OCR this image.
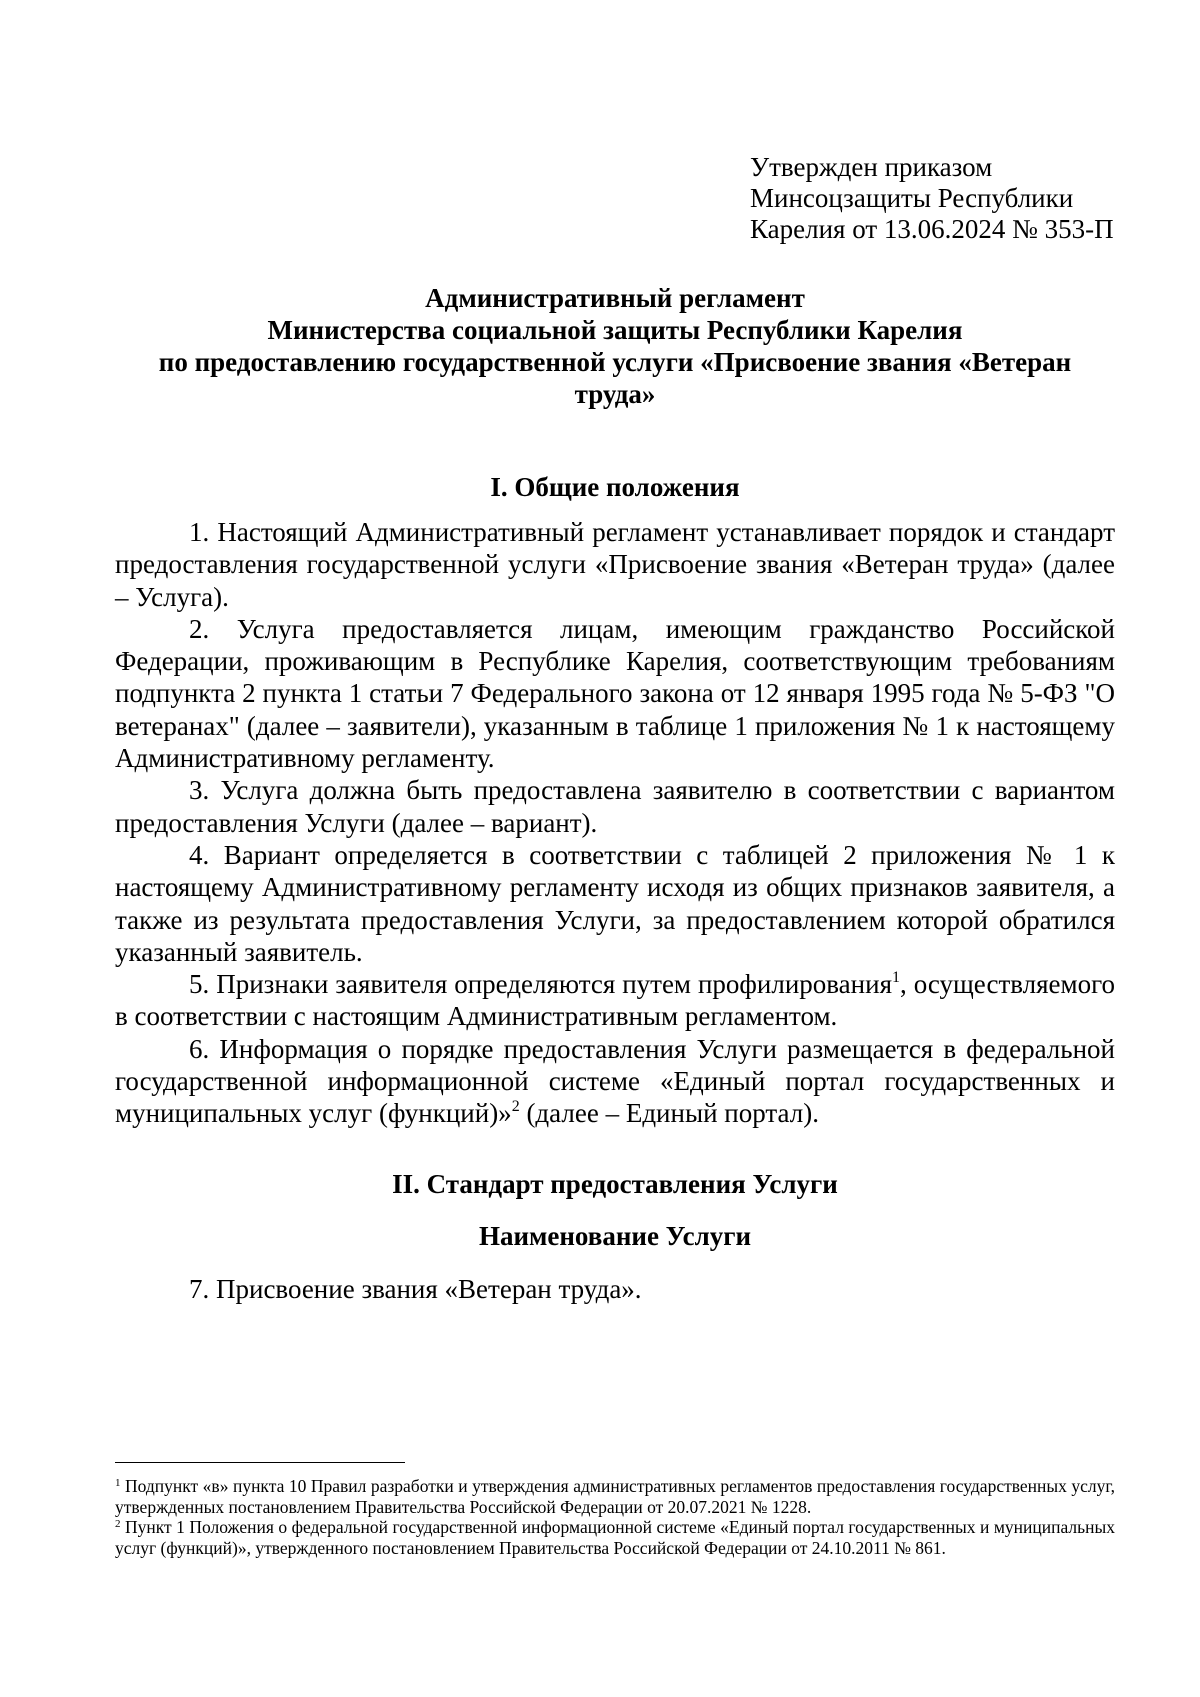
Утвержден приказом
Минсоцзащиты Республики
Карелия от 13.06.2024 № 353-П
Административный регламент
Министерства социальной защиты Республики Карелия
по предоставлению государственной услуги «Присвоение звания «Ветеран
труда»
I. Общие положения

1. Настоящий Административный регламент устанавливает порядок и стандарт предоставления государственной услуги «Присвоение звания «Ветеран труда» (далее – Услуга).

2. Услуга предоставляется лицам, имеющим гражданство Российской Федерации, проживающим в Республике Карелия, соответствующим требованиям подпункта 2 пункта 1 статьи 7 Федерального закона от 12 января 1995 года № 5-ФЗ "О ветеранах" (далее – заявители), указанным в таблице 1 приложения № 1 к настоящему Административному регламенту.

3. Услуга должна быть предоставлена заявителю в соответствии с вариантом предоставления Услуги (далее – вариант).

4. Вариант определяется в соответствии с таблицей 2 приложения № 1 к настоящему Административному регламенту исходя из общих признаков заявителя, а также из результата предоставления Услуги, за предоставлением которой обратился указанный заявитель.

5. Признаки заявителя определяются путем профилирования$^1$, осуществляемого в соответствии с настоящим Административным регламентом.

6. Информация о порядке предоставления Услуги размещается в федеральной государственной информационной системе «Единый портал государственных и муниципальных услуг (функций)»$^2$ (далее – Единый портал).

II. Стандарт предоставления Услуги
Наименование Услуги
7. Присвоение звания «Ветеран труда».

$^1$ Подпункт «в» пункта 10 Правил разработки и утверждения административных регламентов предоставления государственных услуг, утвержденных постановлением Правительства Российской Федерации от 20.07.2021 № 1228.

$^2$ Пункт 1 Положения о федеральной государственной информационной системе «Единый портал государственных и муниципальных услуг (функций)», утвержденного постановлением Правительства Российской Федерации от 24.10.2011 № 861.
